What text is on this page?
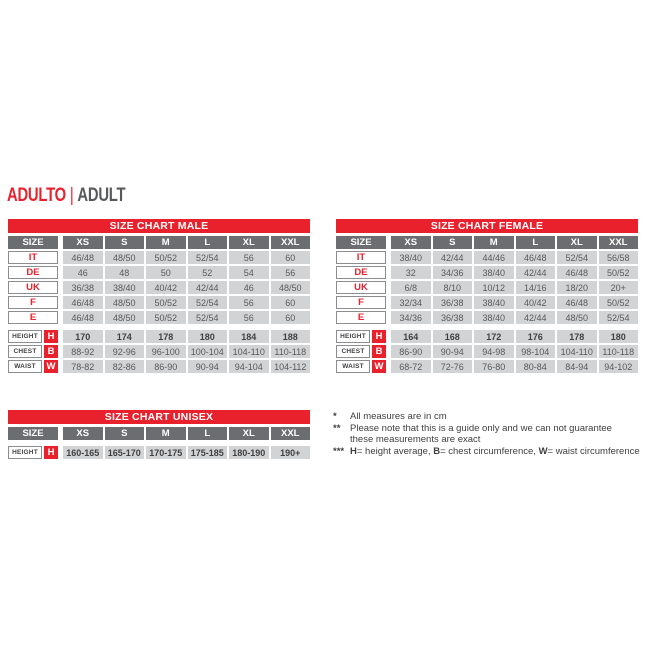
ADULTO | ADULT
SIZE CHART MALE
SIZE	XS	S	M	L	XL	XXL
IT	46/48	48/50	50/52	52/54	56	60
DE	46	48	50	52	54	56
UK	36/38	38/40	40/42	42/44	46	48/50
F	46/48	48/50	50/52	52/54	56	60
E	46/48	48/50	50/52	52/54	56	60
HEIGHT	H	170	174	178	180	184	188
CHEST	B	88-92	92-96	96-100	100-104 104-110	110-118
WAIST	W	78-82	82-86	86-90	90-94	94-104	104-112
SIZE CHART FEMALE
SIZE	XS	S	M	L	XL	XXL
IT	38/40	42/44	44/46	46/48	52/54	56/58
DE	32	34/36	38/40	42/44	46/48	50/52
UK	6/8	8/10	10/12	14/16	18/20	20+
F	32/34	36/38	38/40	40/42	46/48	50/52
E	34/36	36/38	38/40	42/44	48/50	52/54
HEIGHT	H	164	168	172	176	178	180
CHEST	B	86-90	90-94	94-98	98-104	104-110	110-118
WAIST	W	68-72	72-76	76-80	80-84	84-94	94-102
SIZE CHART UNISEX
SIZE	XS	S	M	L	XL	XXL
HEIGHT	H	160-165 165-170 170-175 175-185 180-190	190+
*	All measures are in cm
**	Please note that this is a guide only and we can not guarantee
these measurements are exact
*** H= height average, B= chest circumference, W= waist circumference
